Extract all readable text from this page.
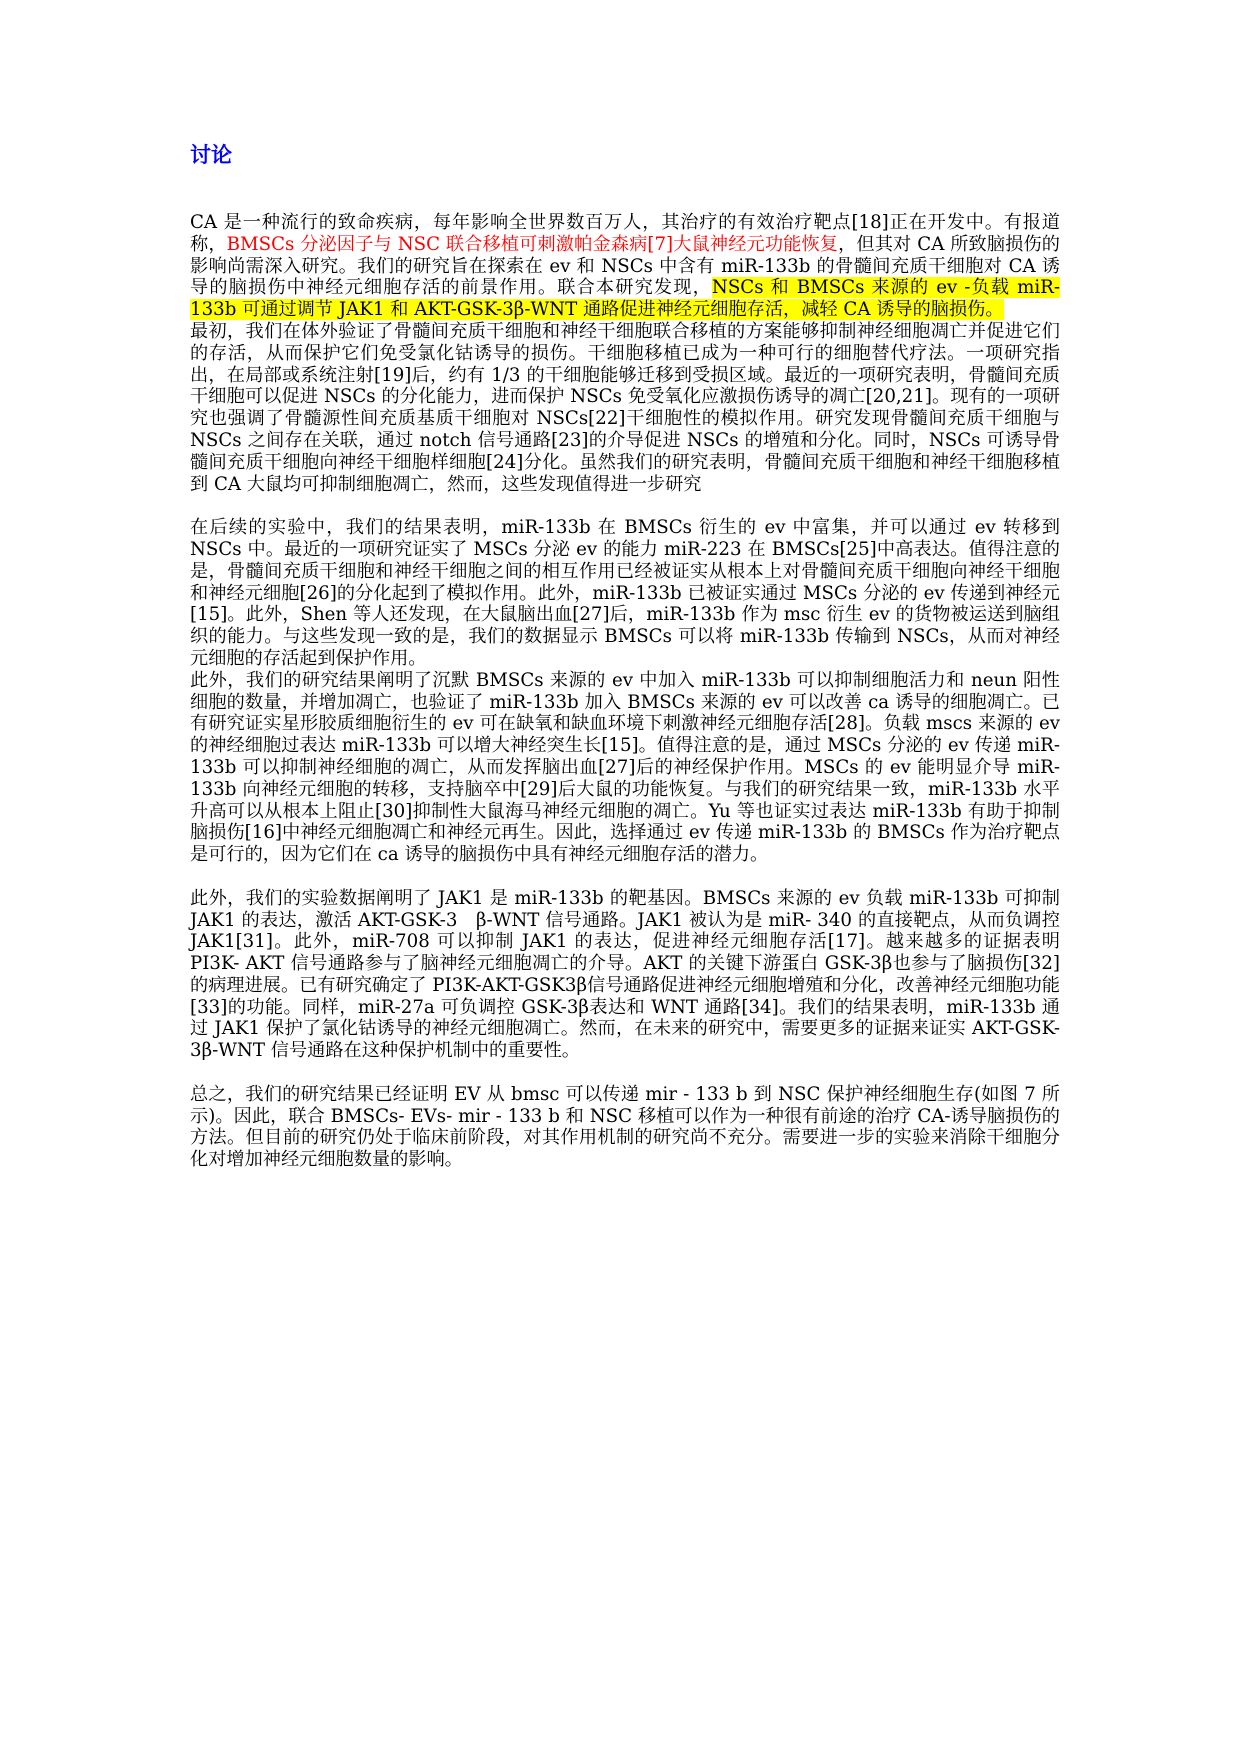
讨论

CA 是一种流行的致命疾病，每年影响全世界数百万人，其治疗的有效治疗靶点[18]正在开发中。有报道称，BMSCs 分泌因子与 NSC 联合移植可刺激帕金森病[7]大鼠神经元功能恢复，但其对 CA 所致脑损伤的影响尚需深入研究。我们的研究旨在探索在 ev 和 NSCs 中含有 miR-133b 的骨髓间充质干细胞对 CA 诱导的脑损伤中神经元细胞存活的前景作用。联合本研究发现，NSCs 和 BMSCs 来源的 ev -负载 miR-133b 可通过调节 JAK1 和 AKT-GSK-3β-WNT 通路促进神经元细胞存活，减轻 CA 诱导的脑损伤。

最初，我们在体外验证了骨髓间充质干细胞和神经干细胞联合移植的方案能够抑制神经细胞凋亡并促进它们的存活，从而保护它们免受氯化钴诱导的损伤。干细胞移植已成为一种可行的细胞替代疗法。一项研究指出，在局部或系统注射[19]后，约有 1/3 的干细胞能够迁移到受损区域。最近的一项研究表明，骨髓间充质干细胞可以促进 NSCs 的分化能力，进而保护 NSCs 免受氧化应激损伤诱导的凋亡[20,21]。现有的一项研究也强调了骨髓源性间充质基质干细胞对 NSCs[22]干细胞性的模拟作用。研究发现骨髓间充质干细胞与 NSCs 之间存在关联，通过 notch 信号通路[23]的介导促进 NSCs 的增殖和分化。同时，NSCs 可诱导骨髓间充质干细胞向神经干细胞样细胞[24]分化。虽然我们的研究表明，骨髓间充质干细胞和神经干细胞移植到 CA 大鼠均可抑制细胞凋亡，然而，这些发现值得进一步研究

在后续的实验中，我们的结果表明，miR-133b 在 BMSCs 衍生的 ev 中富集，并可以通过 ev 转移到 NSCs 中。最近的一项研究证实了 MSCs 分泌 ev 的能力 miR-223 在 BMSCs[25]中高表达。值得注意的是，骨髓间充质干细胞和神经干细胞之间的相互作用已经被证实从根本上对骨髓间充质干细胞向神经干细胞和神经元细胞[26]的分化起到了模拟作用。此外，miR-133b 已被证实通过 MSCs 分泌的 ev 传递到神经元[15]。此外，Shen 等人还发现，在大鼠脑出血[27]后，miR-133b 作为 msc 衍生 ev 的货物被运送到脑组织的能力。与这些发现一致的是，我们的数据显示 BMSCs 可以将 miR-133b 传输到 NSCs，从而对神经元细胞的存活起到保护作用。

此外，我们的研究结果阐明了沉默 BMSCs 来源的 ev 中加入 miR-133b 可以抑制细胞活力和 neun 阳性细胞的数量，并增加凋亡，也验证了 miR-133b 加入 BMSCs 来源的 ev 可以改善 ca 诱导的细胞凋亡。已有研究证实星形胶质细胞衍生的 ev 可在缺氧和缺血环境下刺激神经元细胞存活[28]。负载 mscs 来源的 ev 的神经细胞过表达 miR-133b 可以增大神经突生长[15]。值得注意的是，通过 MSCs 分泌的 ev 传递 miR-133b 可以抑制神经细胞的凋亡，从而发挥脑出血[27]后的神经保护作用。MSCs 的 ev 能明显介导 miR-133b 向神经元细胞的转移，支持脑卒中[29]后大鼠的功能恢复。与我们的研究结果一致，miR-133b 水平升高可以从根本上阻止[30]抑制性大鼠海马神经元细胞的凋亡。Yu 等也证实过表达 miR-133b 有助于抑制脑损伤[16]中神经元细胞凋亡和神经元再生。因此，选择通过 ev 传递 miR-133b 的 BMSCs 作为治疗靶点是可行的，因为它们在 ca 诱导的脑损伤中具有神经元细胞存活的潜力。

此外，我们的实验数据阐明了 JAK1 是 miR-133b 的靶基因。BMSCs 来源的 ev 负载 miR-133b 可抑制 JAK1 的表达，激活 AKT-GSK-3　β-WNT 信号通路。JAK1 被认为是 miR- 340 的直接靶点，从而负调控 JAK1[31]。此外，miR-708 可以抑制 JAK1 的表达，促进神经元细胞存活[17]。越来越多的证据表明 PI3K- AKT 信号通路参与了脑神经元细胞凋亡的介导。AKT 的关键下游蛋白 GSK-3β也参与了脑损伤[32]的病理进展。已有研究确定了 PI3K-AKT-GSK3β信号通路促进神经元细胞增殖和分化，改善神经元细胞功能[33]的功能。同样，miR-27a 可负调控 GSK-3β表达和 WNT 通路[34]。我们的结果表明，miR-133b 通过 JAK1 保护了氯化钴诱导的神经元细胞凋亡。然而，在未来的研究中，需要更多的证据来证实 AKT-GSK- 3β-WNT 信号通路在这种保护机制中的重要性。

总之，我们的研究结果已经证明 EV 从 bmsc 可以传递 mir - 133 b 到 NSC 保护神经细胞生存(如图 7 所示)。因此，联合 BMSCs- EVs- mir - 133 b 和 NSC 移植可以作为一种很有前途的治疗 CA-诱导脑损伤的方法。但目前的研究仍处于临床前阶段，对其作用机制的研究尚不充分。需要进一步的实验来消除干细胞分化对增加神经元细胞数量的影响。
